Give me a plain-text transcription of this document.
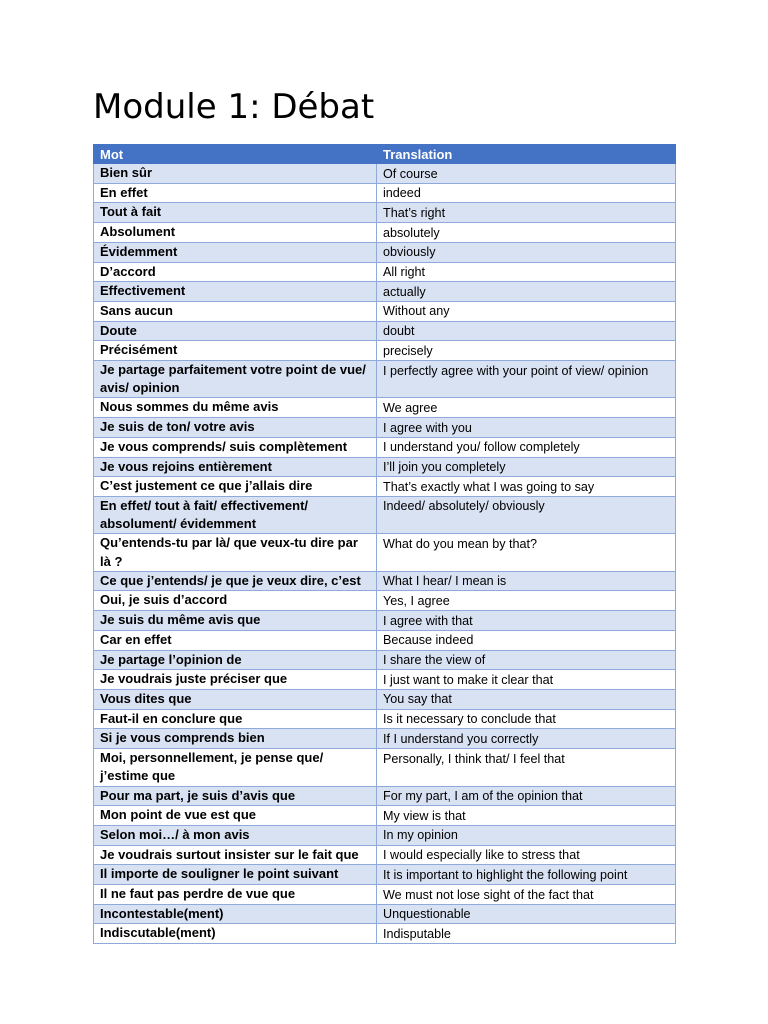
Module 1: Débat
Mot	Translation
Bien sûr	Of course
En effet	indeed
Tout à fait	That’s right
Absolument	absolutely
Évidemment	obviously
D’accord	All right
Effectivement	actually
Sans aucun	Without any
Doute	doubt
Précisément	precisely
Je partage parfaitement votre point de vue/ avis/ opinion	I perfectly agree with your point of view/ opinion
Nous sommes du même avis	We agree
Je suis de ton/ votre avis	I agree with you
Je vous comprends/ suis complètement	I understand you/ follow completely
Je vous rejoins entièrement	I’ll join you completely
C’est justement ce que j’allais dire	That’s exactly what I was going to say
En effet/ tout à fait/ effectivement/ absolument/ évidemment	Indeed/ absolutely/ obviously
Qu’entends-tu par là/ que veux-tu dire par là ?	What do you mean by that?
Ce que j’entends/ je que je veux dire, c’est	What I hear/ I mean is
Oui, je suis d’accord	Yes, I agree
Je suis du même avis que	I agree with that
Car en effet	Because indeed
Je partage l’opinion de	I share the view of
Je voudrais juste préciser que	I just want to make it clear that
Vous dites que	You say that
Faut-il en conclure que	Is it necessary to conclude that
Si je vous comprends bien	If I understand you correctly
Moi, personnellement, je pense que/ j’estime que	Personally, I think that/ I feel that
Pour ma part, je suis d’avis que	For my part, I am of the opinion that
Mon point de vue est que	My view is that
Selon moi…/ à mon avis	In my opinion
Je voudrais surtout insister sur le fait que	I would especially like to stress that
Il importe de souligner le point suivant	It is important to highlight the following point
Il ne faut pas perdre de vue que	We must not lose sight of the fact that
Incontestable(ment)	Unquestionable
Indiscutable(ment)	Indisputable
